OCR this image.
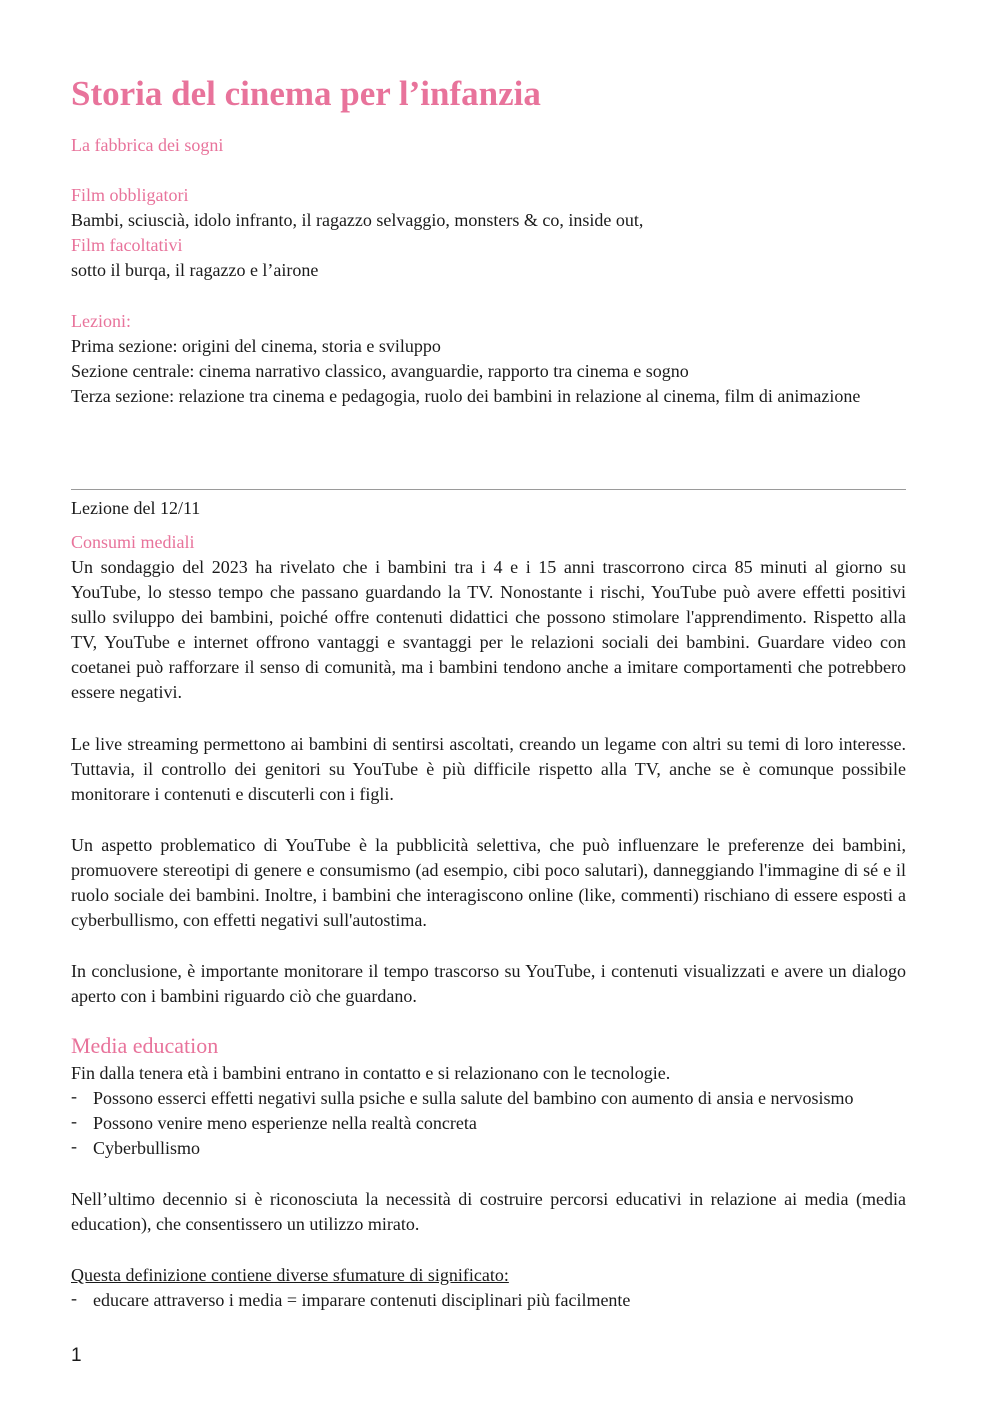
Storia del cinema per l’infanzia

La fabbrica dei sogni

Film obbligatori

Bambi, sciuscià, idolo infranto, il ragazzo selvaggio, monsters & co, inside out,

Film facoltativi

sotto il burqa, il ragazzo e l’airone

Lezioni:

Prima sezione: origini del cinema, storia e sviluppo

Sezione centrale: cinema narrativo classico, avanguardie, rapporto tra cinema e sogno

Terza sezione: relazione tra cinema e pedagogia, ruolo dei bambini in relazione al cinema, film di animazione

Lezione del 12/11

Consumi mediali

Un sondaggio del 2023 ha rivelato che i bambini tra i 4 e i 15 anni trascorrono circa 85 minuti al giorno su YouTube, lo stesso tempo che passano guardando la TV. Nonostante i rischi, YouTube può avere effetti positivi sullo sviluppo dei bambini, poiché offre contenuti didattici che possono stimolare l'apprendimento. Rispetto alla TV, YouTube e internet offrono vantaggi e svantaggi per le relazioni sociali dei bambini. Guardare video con coetanei può rafforzare il senso di comunità, ma i bambini tendono anche a imitare comportamenti che potrebbero essere negativi.

Le live streaming permettono ai bambini di sentirsi ascoltati, creando un legame con altri su temi di loro interesse. Tuttavia, il controllo dei genitori su YouTube è più difficile rispetto alla TV, anche se è comunque possibile monitorare i contenuti e discuterli con i figli.

Un aspetto problematico di YouTube è la pubblicità selettiva, che può influenzare le preferenze dei bambini, promuovere stereotipi di genere e consumismo (ad esempio, cibi poco salutari), danneggiando l'immagine di sé e il ruolo sociale dei bambini. Inoltre, i bambini che interagiscono online (like, commenti) rischiano di essere esposti a cyberbullismo, con effetti negativi sull'autostima.

In conclusione, è importante monitorare il tempo trascorso su YouTube, i contenuti visualizzati e avere un dialogo aperto con i bambini riguardo ciò che guardano.

Media education

Fin dalla tenera età i bambini entrano in contatto e si relazionano con le tecnologie.

- Possono esserci effetti negativi sulla psiche e sulla salute del bambino con aumento di ansia e nervosismo
- Possono venire meno esperienze nella realtà concreta
- Cyberbullismo

Nell’ultimo decennio si è riconosciuta la necessità di costruire percorsi educativi in relazione ai media (media education), che consentissero un utilizzo mirato.

Questa definizione contiene diverse sfumature di significato:

- educare attraverso i media = imparare contenuti disciplinari più facilmente
1
